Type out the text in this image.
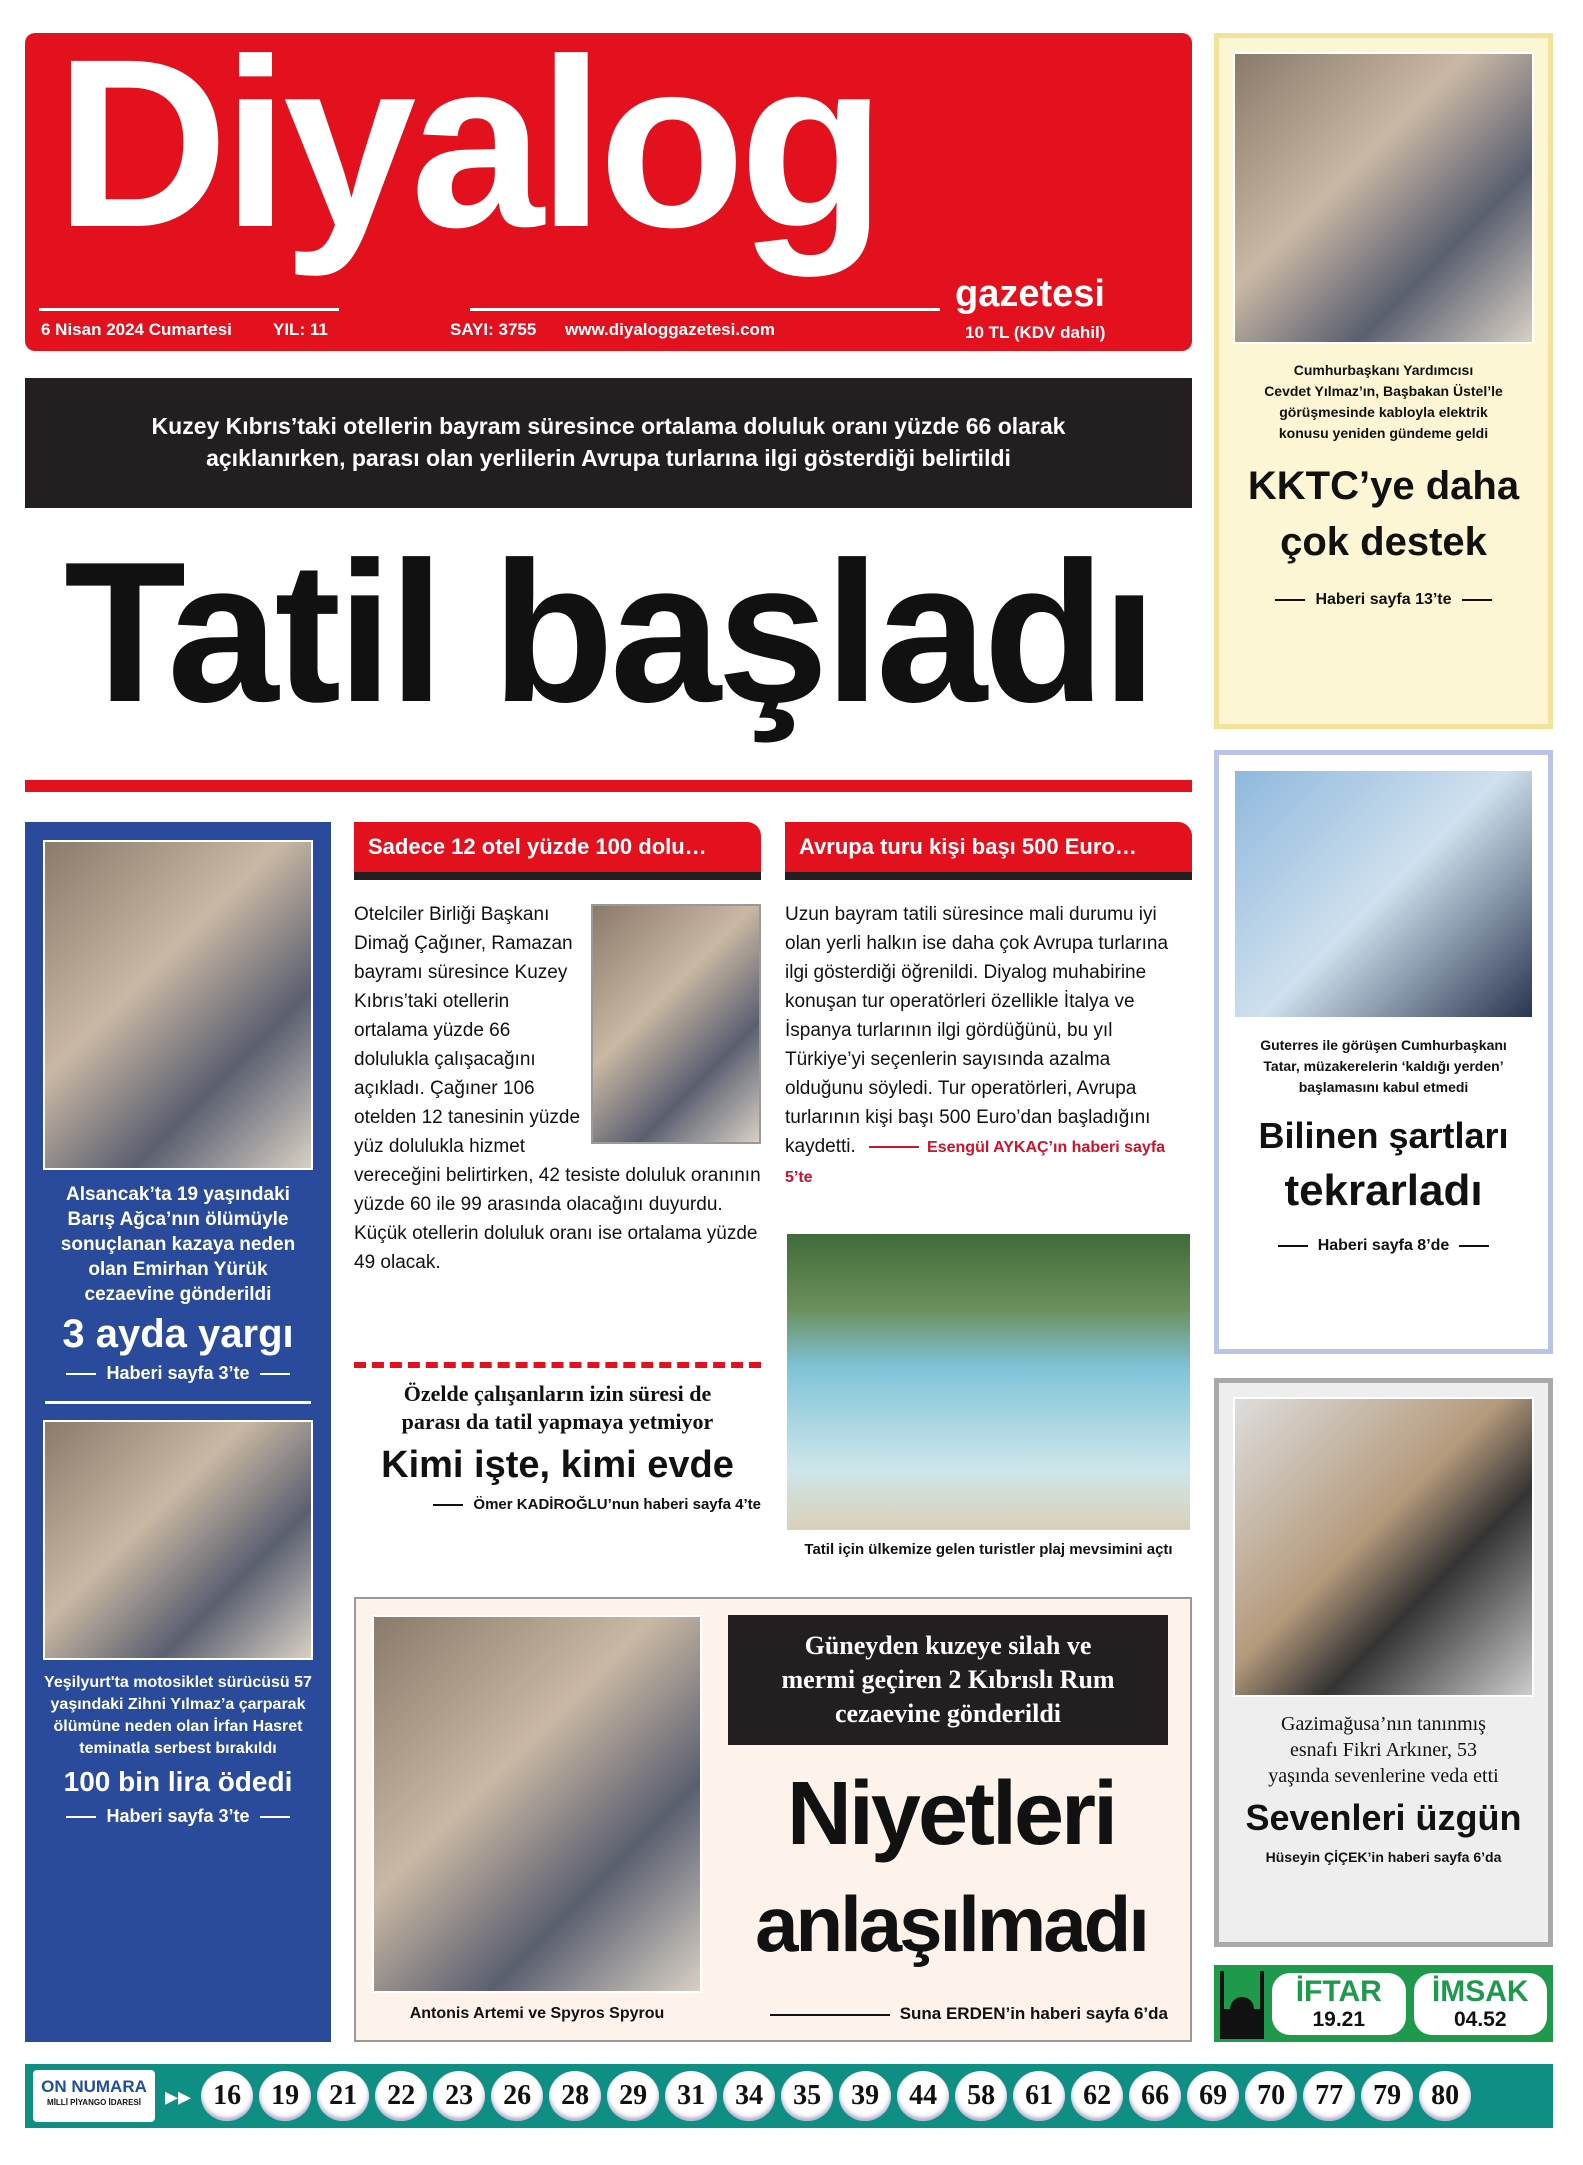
Diyalog
gazetesi
6 Nisan 2024 Cumartesi YIL: 11	SAYI: 3755 www.diyaloggazetesi.com	10 TL (KDV dahil)
Kuzey Kıbrıs’taki otellerin bayram süresince ortalama doluluk oranı yüzde 66 olarak
açıklanırken, parası olan yerlilerin Avrupa turlarına ilgi gösterdiği belirtildi
Tatil başladı
Alsancak’ta 19 yaşındaki
Barış Ağca’nın ölümüyle
sonuçlanan kazaya neden
olan Emirhan Yürük
cezaevine gönderildi
3 ayda yargı
Haberi sayfa 3’te
Yeşilyurt'ta motosiklet sürücüsü 57
yaşındaki Zihni Yılmaz’a çarparak
ölümüne neden olan İrfan Hasret
teminatla serbest bırakıldı
100 bin lira ödedi
Haberi sayfa 3’te
Sadece 12 otel yüzde 100 dolu…
Otelciler Birliği BaşkanıDimağ Çağıner, Ramazan bayramı süresince KuzeyKıbrıs’taki otellerinortalama yüzde 66dolulukla çalışacağınıaçıkladı. Çağıner 106otelden 12 tanesinin yüzde yüz dolulukla hizmet vereceğini belirtirken, 42 tesiste doluluk oranının yüzde 60 ile 99 arasında olacağını duyurdu. Küçük otellerin doluluk oranı ise ortalama yüzde 49 olacak.
Özelde çalışanların izin süresi de
parası da tatil yapmaya yetmiyor
Kimi işte, kimi evde
Ömer KADİROĞLU’nun haberi sayfa 4’te
Avrupa turu kişi başı 500 Euro…
Uzun bayram tatili süresince mali durumu iyiolan yerli halkın ise daha çok Avrupa turlarınailgi gösterdiği öğrenildi. Diyalog muhabirinekonuşan tur operatörleri özellikle İtalya veİspanya turlarının ilgi gördüğünü, bu yılTürkiye’yi seçenlerin sayısında azalmaolduğunu söyledi. Tur operatörleri, Avrupaturlarının kişi başı 500 Euro’dan başladığınıkaydetti.	Esengül AYKAÇ’ın haberi sayfa 5’te
Tatil için ülkemize gelen turistler plaj mevsimini açtı
Antonis Artemi ve Spyros Spyrou
Güneyden kuzeye silah ve
mermi geçiren 2 Kıbrıslı Rum
cezaevine gönderildi
Niyetleri
anlaşılmadı
Suna ERDEN’in haberi sayfa 6’da
Cumhurbaşkanı Yardımcısı
Cevdet Yılmaz’ın, Başbakan Üstel’le
görüşmesinde kabloyla elektrik
konusu yeniden gündeme geldi
KKTC’ye daha
çok destek
Haberi sayfa 13’te
Guterres ile görüşen Cumhurbaşkanı
Tatar, müzakerelerin ‘kaldığı yerden’
başlamasını kabul etmedi
Bilinen şartları
tekrarladı
Haberi sayfa 8’de
Gazimağusa’nın tanınmış
esnafı Fikri Arkıner, 53
yaşında sevenlerine veda etti
Sevenleri üzgün
Hüseyin ÇİÇEK’in haberi sayfa 6’da
İFTAR
19.21
İMSAK
04.52
ON NUMARA
MİLLİ PİYANGO İDARESİ ▸▸ 16	19	21	22	23	26	28	29	31	34	35	39	44	58	61	62	66	69	70	77	79	80
